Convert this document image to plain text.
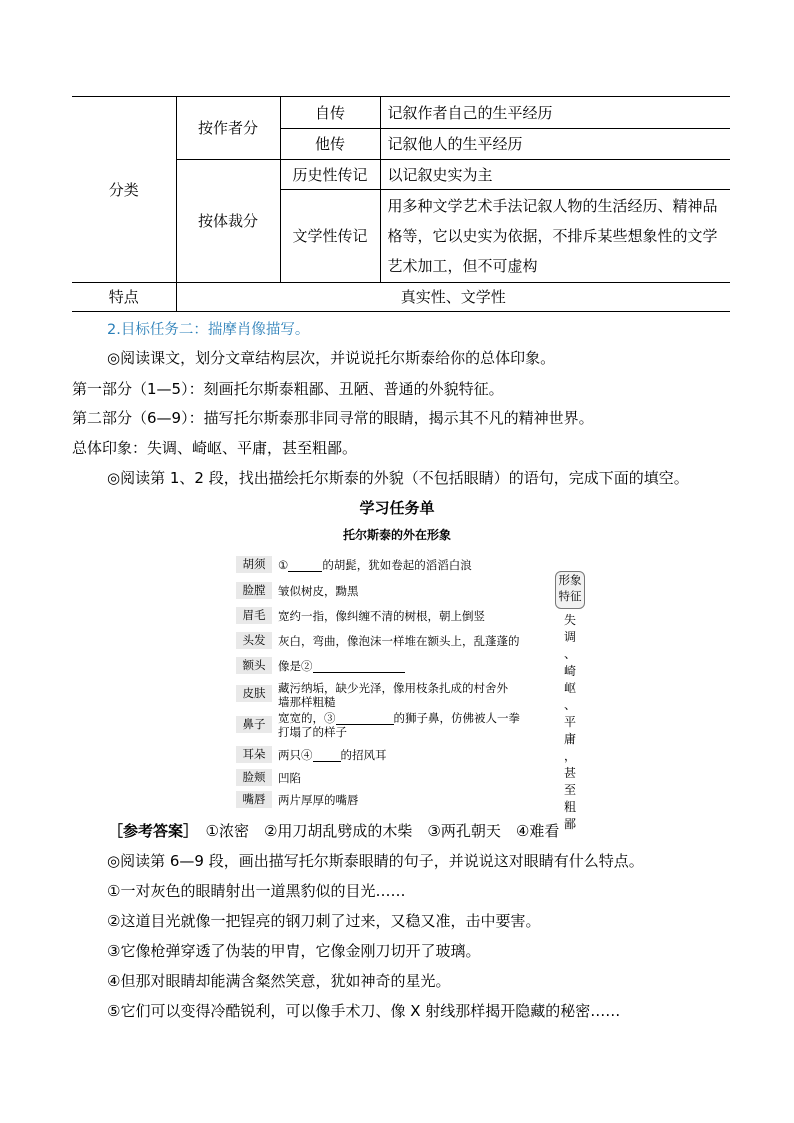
分类	按作者分	自传	记叙作者自己的生平经历
		他传	记叙他人的生平经历
	按体裁分	历史性传记	以记叙史实为主
		文学性传记	用多种文学艺术手法记叙人物的生活经历、精神品格等，它以史实为依据，不排斥某些想象性的文学艺术加工，但不可虚构
特点	真实性、文学性		
2.目标任务二：揣摩肖像描写。
◎阅读课文，划分文章结构层次，并说说托尔斯泰给你的总体印象。
第一部分（1—5）：刻画托尔斯泰粗鄙、丑陋、普通的外貌特征。
第二部分（6—9）：描写托尔斯泰那非同寻常的眼睛，揭示其不凡的精神世界。
总体印象：失调、崎岖、平庸，甚至粗鄙。
◎阅读第 1、2 段，找出描绘托尔斯泰的外貌（不包括眼睛）的语句，完成下面的填空。
学习任务单
托尔斯泰的外在形象
胡须	①	的胡髭，犹如卷起的滔滔白浪
脸膛	皱似树皮，黝黑
眉毛	宽约一指，像纠缠不清的树根，朝上倒竖
头发	灰白，弯曲，像泡沫一样堆在额头上，乱蓬蓬的
额头	像是②
皮肤	藏污纳垢，缺少光泽，像用枝条扎成的村舍外
墙那样粗糙
鼻子	宽宽的，③	的狮子鼻，仿佛被人一拳
打塌了的样子
耳朵	两只④ 的招风耳
脸颊	凹陷
嘴唇	两片厚厚的嘴唇
形象特征
失
调
、
崎
岖
、
平
庸
，
甚
至
粗
鄙
［参考答案］　 ①浓密　②用刀胡乱劈成的木柴　③两孔朝天　④难看
◎阅读第 6—9 段，画出描写托尔斯泰眼睛的句子，并说说这对眼睛有什么特点。
①一对灰色的眼睛射出一道黑豹似的目光……
②这道目光就像一把锃亮的钢刀刺了过来，又稳又准，击中要害。
③它像枪弹穿透了伪装的甲胄，它像金刚刀切开了玻璃。
④但那对眼睛却能满含粲然笑意，犹如神奇的星光。
⑤它们可以变得冷酷锐利，可以像手术刀、像 X 射线那样揭开隐藏的秘密……
